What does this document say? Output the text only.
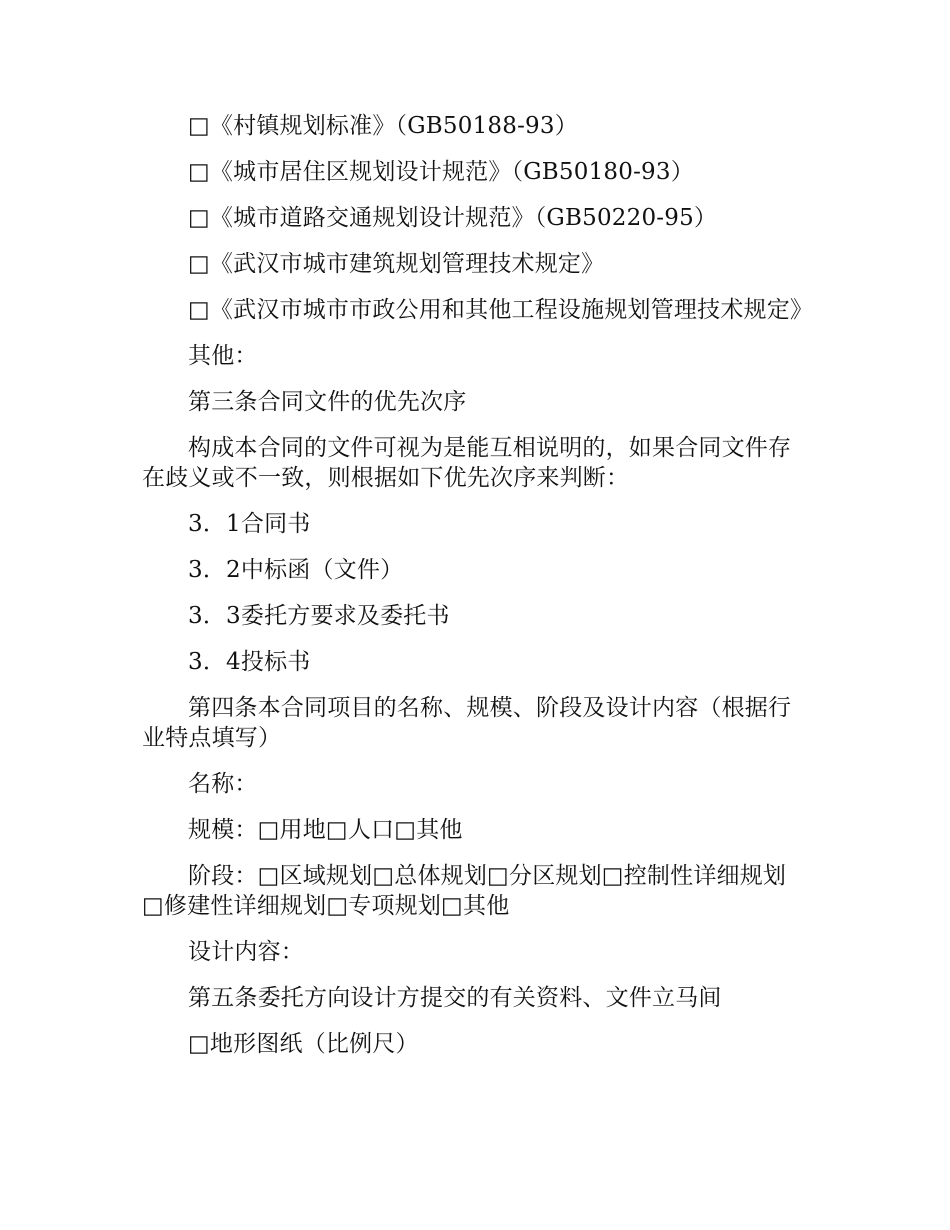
□《村镇规划标准》（GB50188-93）

□《城市居住区规划设计规范》（GB50180-93）

□《城市道路交通规划设计规范》（GB50220-95）

□《武汉市城市建筑规划管理技术规定》

□《武汉市城市市政公用和其他工程设施规划管理技术规定》

其他：

第三条合同文件的优先次序

构成本合同的文件可视为是能互相说明的，如果合同文件存在歧义或不一致，则根据如下优先次序来判断：

3．1合同书

3．2中标函（文件）

3．3委托方要求及委托书

3．4投标书

第四条本合同项目的名称、规模、阶段及设计内容（根据行业特点填写）

名称：

规模：□用地□人口□其他

阶段：□区域规划□总体规划□分区规划□控制性详细规划□修建性详细规划□专项规划□其他

设计内容：

第五条委托方向设计方提交的有关资料、文件立马间

□地形图纸（比例尺）
